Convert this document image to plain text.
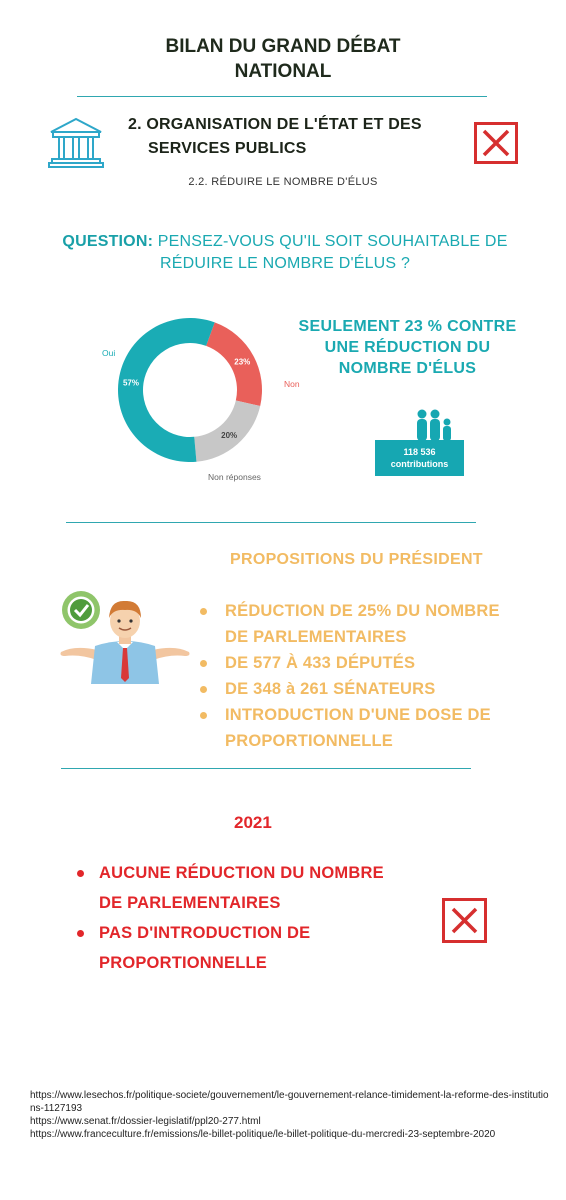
BILAN DU GRAND DÉBAT
NATIONAL
2. ORGANISATION DE L'ÉTAT ET DES
SERVICES PUBLICS
2.2. RÉDUIRE LE NOMBRE D'ÉLUS
QUESTION: PENSEZ-VOUS QU'IL SOIT SOUHAITABLE DE
RÉDUIRE LE NOMBRE D'ÉLUS ?
23%
20%
57%
Oui
Non
Non réponses
SEULEMENT 23 % CONTRE
UNE RÉDUCTION DU
NOMBRE D'ÉLUS
118 536
contributions
PROPOSITIONS DU PRÉSIDENT
RÉDUCTION DE 25% DU NOMBRE
DE PARLEMENTAIRES
DE 577 À 433 DÉPUTÉS
DE 348 à 261 SÉNATEURS
INTRODUCTION D'UNE DOSE DE
PROPORTIONNELLE
2021
AUCUNE RÉDUCTION DU NOMBRE
DE PARLEMENTAIRES
PAS D'INTRODUCTION DE
PROPORTIONNELLE
https://www.lesechos.fr/politique-societe/gouvernement/le-gouvernement-relance-timidement-la-reforme-des-institutions-1127193
https://www.senat.fr/dossier-legislatif/ppl20-277.html
https://www.franceculture.fr/emissions/le-billet-politique/le-billet-politique-du-mercredi-23-septembre-2020
